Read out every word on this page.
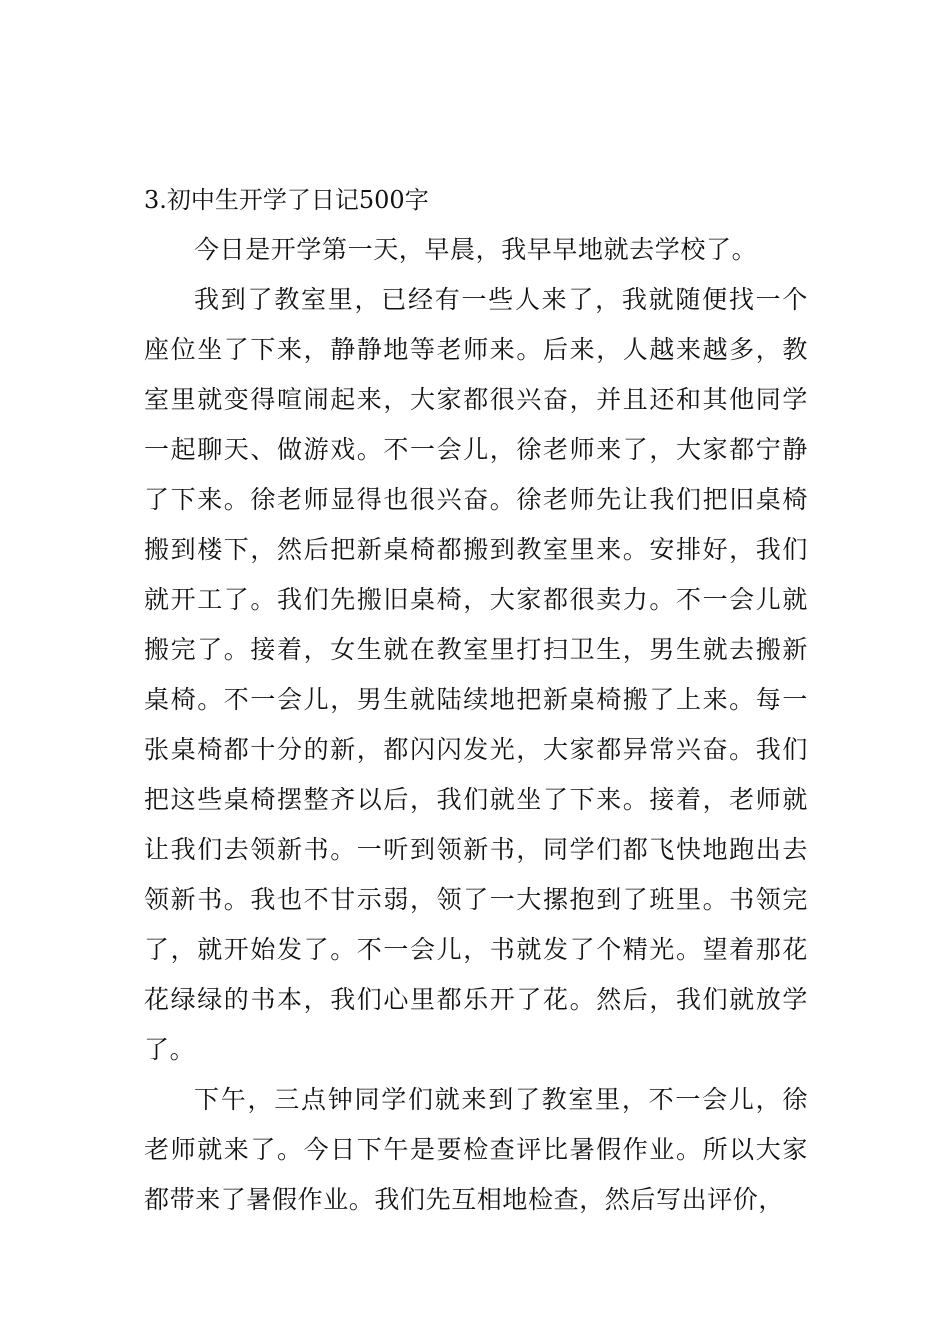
3.初中生开学了日记500字

今日是开学第一天，早晨，我早早地就去学校了。

我到了教室里，已经有一些人来了，我就随便找一个座位坐了下来，静静地等老师来。后来，人越来越多，教室里就变得喧闹起来，大家都很兴奋，并且还和其他同学一起聊天、做游戏。不一会儿，徐老师来了，大家都宁静了下来。徐老师显得也很兴奋。徐老师先让我们把旧桌椅搬到楼下，然后把新桌椅都搬到教室里来。安排好，我们就开工了。我们先搬旧桌椅，大家都很卖力。不一会儿就搬完了。接着，女生就在教室里打扫卫生，男生就去搬新桌椅。不一会儿，男生就陆续地把新桌椅搬了上来。每一张桌椅都十分的新，都闪闪发光，大家都异常兴奋。我们把这些桌椅摆整齐以后，我们就坐了下来。接着，老师就让我们去领新书。一听到领新书，同学们都飞快地跑出去领新书。我也不甘示弱，领了一大摞抱到了班里。书领完了，就开始发了。不一会儿，书就发了个精光。望着那花花绿绿的书本，我们心里都乐开了花。然后，我们就放学了。

下午，三点钟同学们就来到了教室里，不一会儿，徐老师就来了。今日下午是要检查评比暑假作业。所以大家都带来了暑假作业。我们先互相地检查，然后写出评价，
